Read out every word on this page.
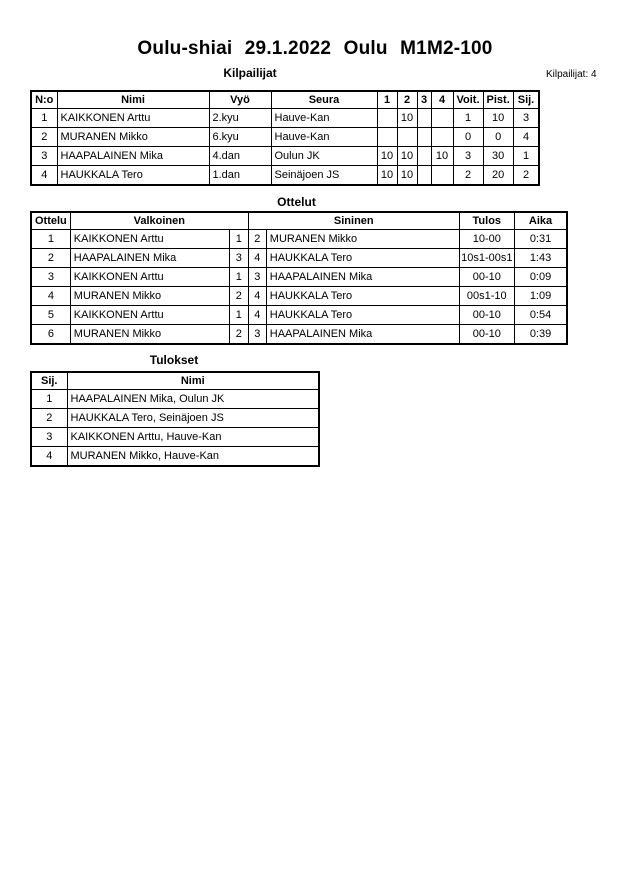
Oulu-shiai 29.1.2022 Oulu M1M2-100
Kilpailijat	Kilpailijat: 4
N:o	Nimi	Vyö	Seura	1	2	3	4	Voit.	Pist.	Sij.
1	KAIKKONEN Arttu	2.kyu	Hauve-Kan		10			1	10	3
2	MURANEN Mikko	6.kyu	Hauve-Kan					0	0	4
3	HAAPALAINEN Mika	4.dan	Oulun JK	10	10		10	3	30	1
4	HAUKKALA Tero	1.dan	Seinäjoen JS	10	10			2	20	2
Ottelut
Ottelu	Valkoinen		Sininen		Tulos	Aika
1	KAIKKONEN Arttu	1	2	MURANEN Mikko	10-00	0:31
2	HAAPALAINEN Mika	3	4	HAUKKALA Tero	10s1-00s1	1:43
3	KAIKKONEN Arttu	1	3	HAAPALAINEN Mika	00-10	0:09
4	MURANEN Mikko	2	4	HAUKKALA Tero	00s1-10	1:09
5	KAIKKONEN Arttu	1	4	HAUKKALA Tero	00-10	0:54
6	MURANEN Mikko	2	3	HAAPALAINEN Mika	00-10	0:39
Tulokset
Sij.	Nimi
1	HAAPALAINEN Mika, Oulun JK
2	HAUKKALA Tero, Seinäjoen JS
3	KAIKKONEN Arttu, Hauve-Kan
4	MURANEN Mikko, Hauve-Kan
